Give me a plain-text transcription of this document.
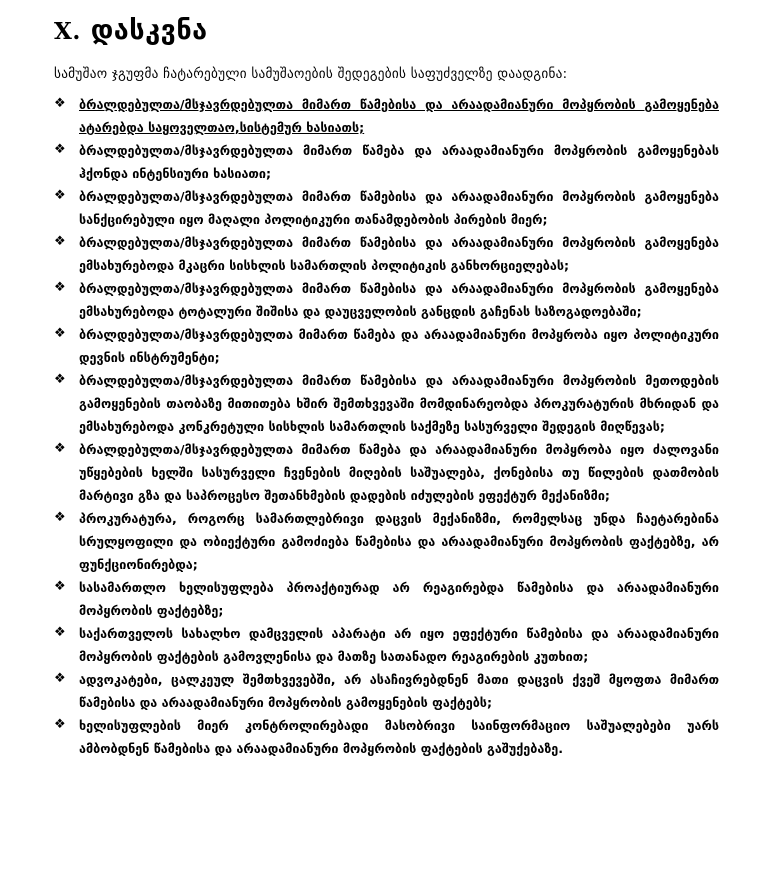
X. დასკვნა
სამუშაო ჯგუფმა ჩატარებული სამუშაოების შედეგების საფუძველზე დაადგინა:
❖ ბრალდებულთა/მსჯავრდებულთა მიმართ წამებისა და არაადამიანური მოპყრობის გამოყენება ატარებდა საყოველთაო,სისტემურ ხასიათს;
❖ ბრალდებულთა/მსჯავრდებულთა მიმართ წამება და არაადამიანური მოპყრობის გამოყენებას ჰქონდა ინტენსიური ხასიათი;
❖ ბრალდებულთა/მსჯავრდებულთა მიმართ წამებისა და არაადამიანური მოპყრობის გამოყენება სანქცირებული იყო მაღალი პოლიტიკური თანამდებობის პირების მიერ;
❖ ბრალდებულთა/მსჯავრდებულთა მიმართ წამებისა და არაადამიანური მოპყრობის გამოყენება ემსახურებოდა მკაცრი სისხლის სამართლის პოლიტიკის განხორციელებას;
❖ ბრალდებულთა/მსჯავრდებულთა მიმართ წამებისა და არაადამიანური მოპყრობის გამოყენება ემსახურებოდა ტოტალური შიშისა და დაუცველობის განცდის გაჩენას საზოგადოებაში;
❖ ბრალდებულთა/მსჯავრდებულთა მიმართ წამება და არაადამიანური მოპყრობა იყო პოლიტიკური დევნის ინსტრუმენტი;
❖ ბრალდებულთა/მსჯავრდებულთა მიმართ წამებისა და არაადამიანური მოპყრობის მეთოდების გამოყენების თაობაზე მითითება ხშირ შემთხვევაში მომდინარეობდა პროკურატურის მხრიდან და ემსახურებოდა კონკრეტული სისხლის სამართლის საქმეზე სასურველი შედეგის მიღწევას;
❖ ბრალდებულთა/მსჯავრდებულთა მიმართ წამება და არაადამიანური მოპყრობა იყო ძალოვანი უწყებების ხელში სასურველი ჩვენების მიღების საშუალება, ქონებისა თუ წილების დათმობის მარტივი გზა და საპროცესო შეთანხმების დადების იძულების ეფექტურ მექანიზმი;
❖ პროკურატურა, როგორც სამართლებრივი დაცვის მექანიზმი, რომელსაც უნდა ჩაეტარებინა სრულყოფილი და ობიექტური გამოძიება წამებისა და არაადამიანური მოპყრობის ფაქტებზე, არ ფუნქციონირებდა;
❖ სასამართლო ხელისუფლება პროაქტიურად არ რეაგირებდა წამებისა და არაადამიანური მოპყრობის ფაქტებზე;
❖ საქართველოს სახალხო დამცველის აპარატი არ იყო ეფექტური წამებისა და არაადამიანური მოპყრობის ფაქტების გამოვლენისა და მათზე სათანადო რეაგირების კუთხით;
❖ ადვოკატები, ცალკეულ შემთხვევებში, არ ასაჩივრებდნენ მათი დაცვის ქვეშ მყოფთა მიმართ წამებისა და არაადამიანური მოპყრობის გამოყენების ფაქტებს;
❖ ხელისუფლების მიერ კონტროლირებადი მასობრივი საინფორმაციო საშუალებები უარს ამბობდნენ წამებისა და არაადამიანური მოპყრობის ფაქტების გაშუქებაზე.
